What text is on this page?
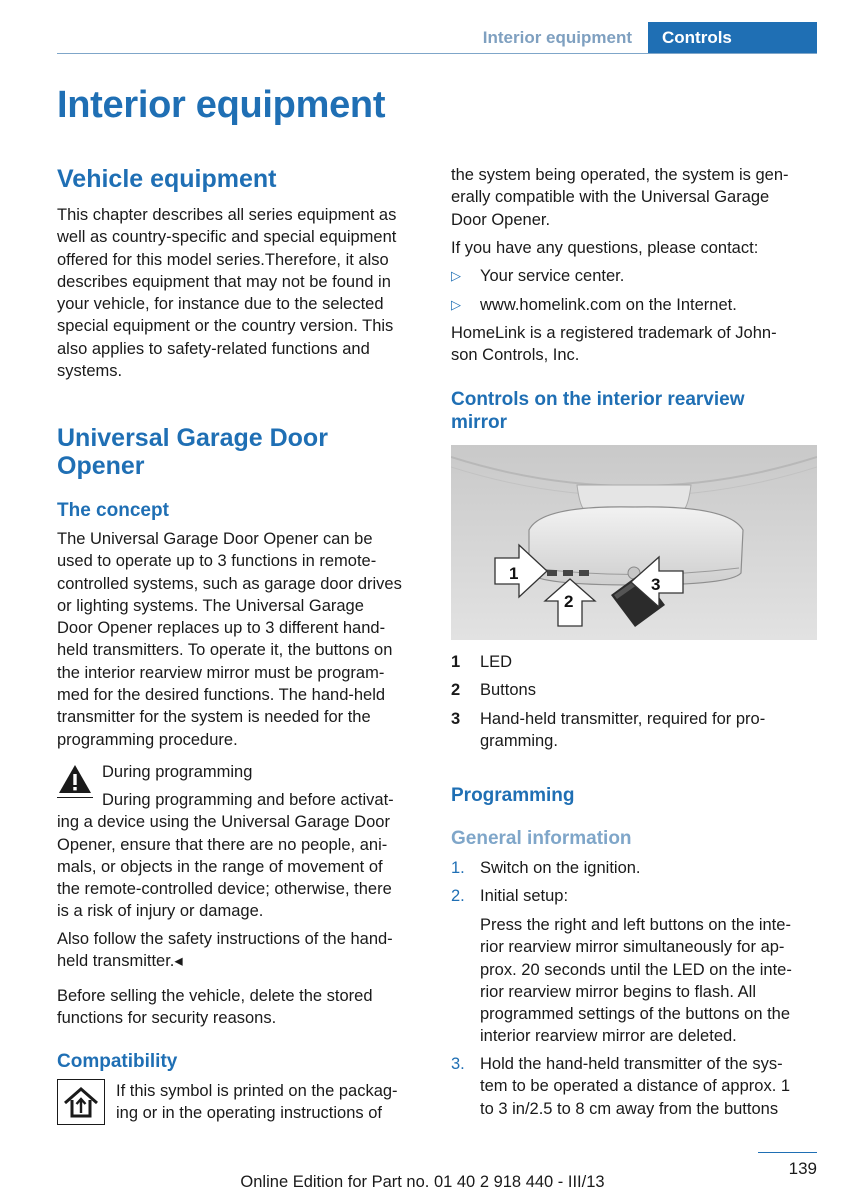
Interior equipment	Controls
Interior equipment
Vehicle equipment
This chapter describes all series equipment as
well as country-specific and special equipment
offered for this model series.Therefore, it also
describes equipment that may not be found in
your vehicle, for instance due to the selected
special equipment or the country version. This
also applies to safety-related functions and
systems.
Universal Garage Door
Opener
The concept
The Universal Garage Door Opener can be
used to operate up to 3 functions in remote-
controlled systems, such as garage door drives
or lighting systems. The Universal Garage
Door Opener replaces up to 3 different hand-
held transmitters. To operate it, the buttons on
the interior rearview mirror must be program-
med for the desired functions. The hand-held
transmitter for the system is needed for the
programming procedure.
During programming
During programming and before activat-
ing a device using the Universal Garage Door
Opener, ensure that there are no people, ani-
mals, or objects in the range of movement of
the remote-controlled device; otherwise, there
is a risk of injury or damage.
Also follow the safety instructions of the hand-
held transmitter.◂
Before selling the vehicle, delete the stored
functions for security reasons.
Compatibility
If this symbol is printed on the packag-
ing or in the operating instructions of
the system being operated, the system is gen-
erally compatible with the Universal Garage
Door Opener.
If you have any questions, please contact:
▷ Your service center.
▷ www.homelink.com on the Internet.
HomeLink is a registered trademark of John-
son Controls, Inc.
Controls on the interior rearview
mirror
1
2
3
1 LED
2 Buttons
3 Hand-held transmitter, required for pro-
gramming.
Programming
General information
1. Switch on the ignition.
2. Initial setup:
Press the right and left buttons on the inte-
rior rearview mirror simultaneously for ap-
prox. 20 seconds until the LED on the inte-
rior rearview mirror begins to flash. All
programmed settings of the buttons on the
interior rearview mirror are deleted.
3. Hold the hand-held transmitter of the sys-
tem to be operated a distance of approx. 1
to 3 in/2.5 to 8 cm away from the buttons
139
Online Edition for Part no. 01 40 2 918 440 - III/13
